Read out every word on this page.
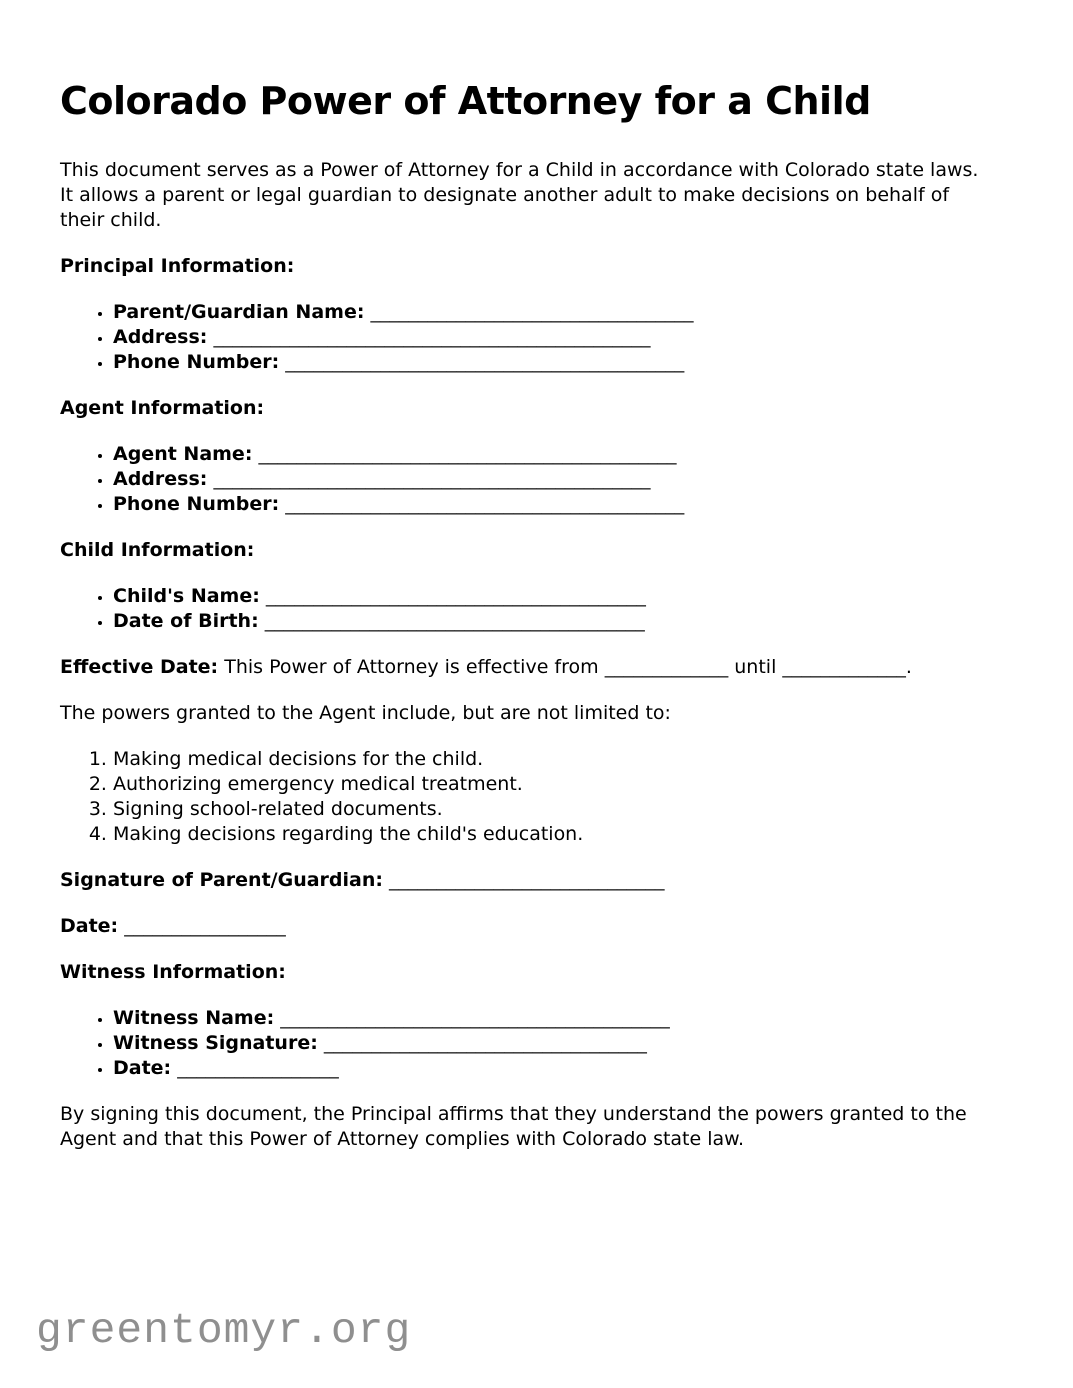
Colorado Power of Attorney for a Child

This document serves as a Power of Attorney for a Child in accordance with Colorado state laws. It allows a parent or legal guardian to designate another adult to make decisions on behalf of their child.

Principal Information:
• Parent/Guardian Name: __________________________________
• Address: ______________________________________________
• Phone Number: __________________________________________
Agent Information:
• Agent Name: ____________________________________________
• Address: ______________________________________________
• Phone Number: __________________________________________
Child Information:
• Child's Name: ________________________________________
• Date of Birth: ________________________________________

Effective Date: This Power of Attorney is effective from _____________ until _____________.

The powers granted to the Agent include, but are not limited to:

1. Making medical decisions for the child.
2. Authorizing emergency medical treatment.
3. Signing school-related documents.
4. Making decisions regarding the child's education.

Signature of Parent/Guardian: _____________________________

Date: _________________

Witness Information:
• Witness Name: _________________________________________
• Witness Signature: __________________________________
• Date: _________________

By signing this document, the Principal affirms that they understand the powers granted to the Agent and that this Power of Attorney complies with Colorado state law.

greentomyr.org
